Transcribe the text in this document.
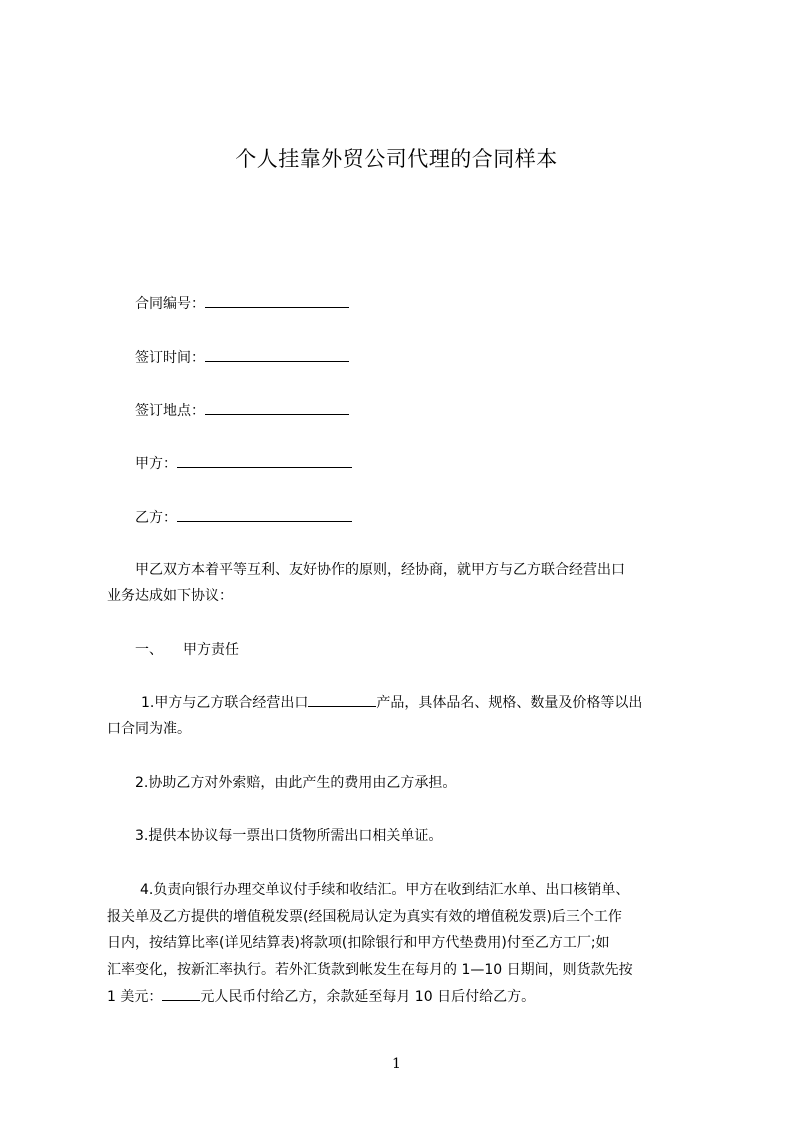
个人挂靠外贸公司代理的合同样本
合同编号：
签订时间：
签订地点：
甲方：
乙方：
甲乙双方本着平等互利、友好协作的原则，经协商，就甲方与乙方联合经营出口
业务达成如下协议：
一、 甲方责任
1.甲方与乙方联合经营出口	产品，具体品名、规格、数量及价格等以出
口合同为准。
2.协助乙方对外索赔，由此产生的费用由乙方承担。
3.提供本协议每一票出口货物所需出口相关单证。
4.负责向银行办理交单议付手续和收结汇。甲方在收到结汇水单、出口核销单、
报关单及乙方提供的增值税发票(经国税局认定为真实有效的增值税发票)后三个工作
日内，按结算比率(详见结算表)将款项(扣除银行和甲方代垫费用)付至乙方工厂;如
汇率变化，按新汇率执行。若外汇货款到帐发生在每月的 1—10 日期间，则货款先按
1 美元：	元人民币付给乙方，余款延至每月 10 日后付给乙方。
1
